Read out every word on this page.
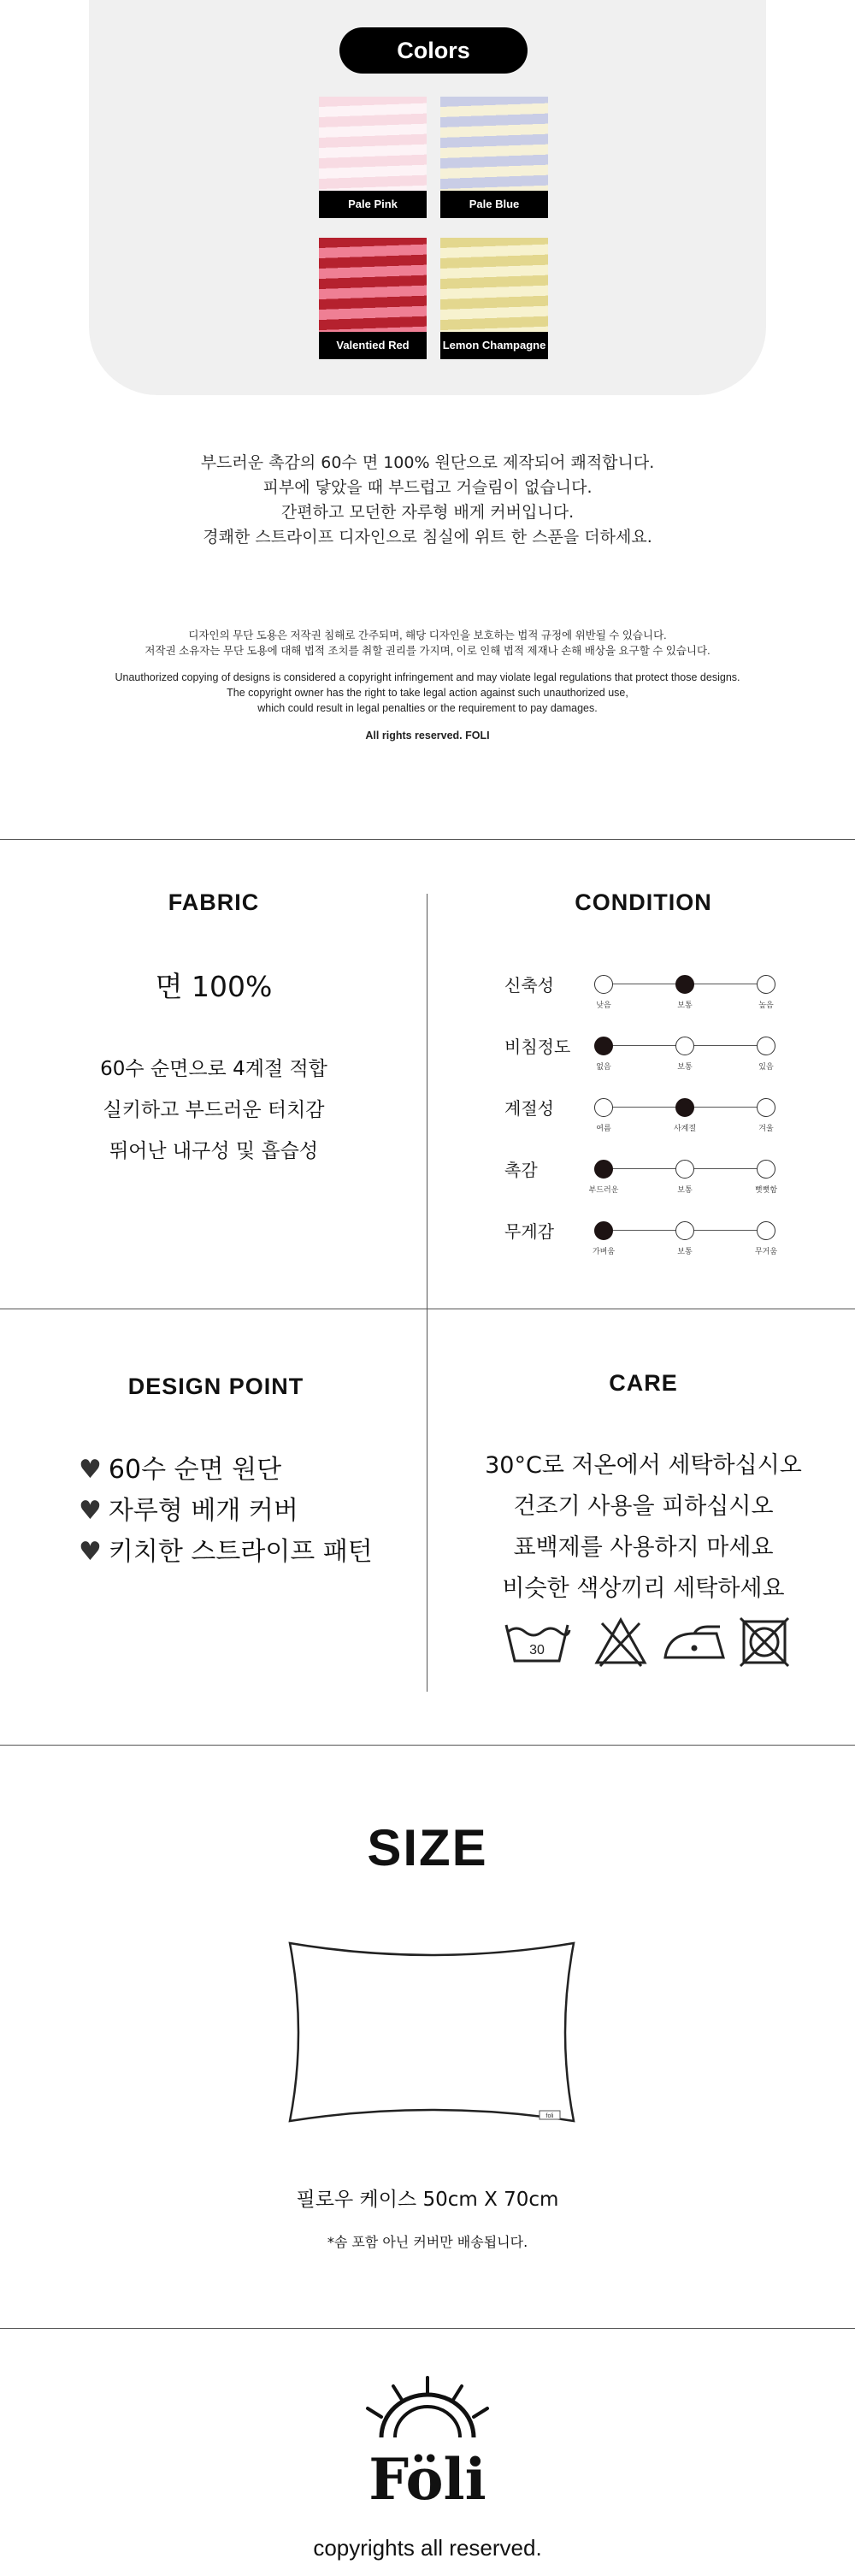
Colors
Pale Pink	Pale Blue
Valentied Red	Lemon Champagne
부드러운 촉감의 60수 면 100% 원단으로 제작되어 쾌적합니다.
피부에 닿았을 때 부드럽고 거슬림이 없습니다.
간편하고 모던한 자루형 배게 커버입니다.
경쾌한 스트라이프 디자인으로 침실에 위트 한 스푼을 더하세요.
디자인의 무단 도용은 저작권 침해로 간주되며, 해당 디자인을 보호하는 법적 규정에 위반될 수 있습니다.
저작권 소유자는 무단 도용에 대해 법적 조치를 취할 권리를 가지며, 이로 인해 법적 제재나 손해 배상을 요구할 수 있습니다.
Unauthorized copying of designs is considered a copyright infringement and may violate legal regulations that protect those designs.
The copyright owner has the right to take legal action against such unauthorized use,
which could result in legal penalties or the requirement to pay damages.
All rights reserved. FOLI
FABRIC
면 100%
60수 순면으로 4계절 적합
실키하고 부드러운 터치감
뛰어난 내구성 및 흡습성
CONDITION
신축성
낮음	보통	높음
비침정도
없음	보통	있음
계절성
여름	사계절	겨울
촉감
부드러운	보통	뻣뻣함
무게감
가벼움	보통	무거움
DESIGN POINT
♥ 60수 순면 원단
♥ 자루형 베개 커버
♥ 키치한 스트라이프 패턴
CARE
30°C로 저온에서 세탁하십시오
건조기 사용을 피하십시오
표백제를 사용하지 마세요
비슷한 색상끼리 세탁하세요
30
SIZE
foli
필로우 케이스 50cm X 70cm
*솜 포함 아닌 커버만 배송됩니다.
Föli
copyrights all reserved.
